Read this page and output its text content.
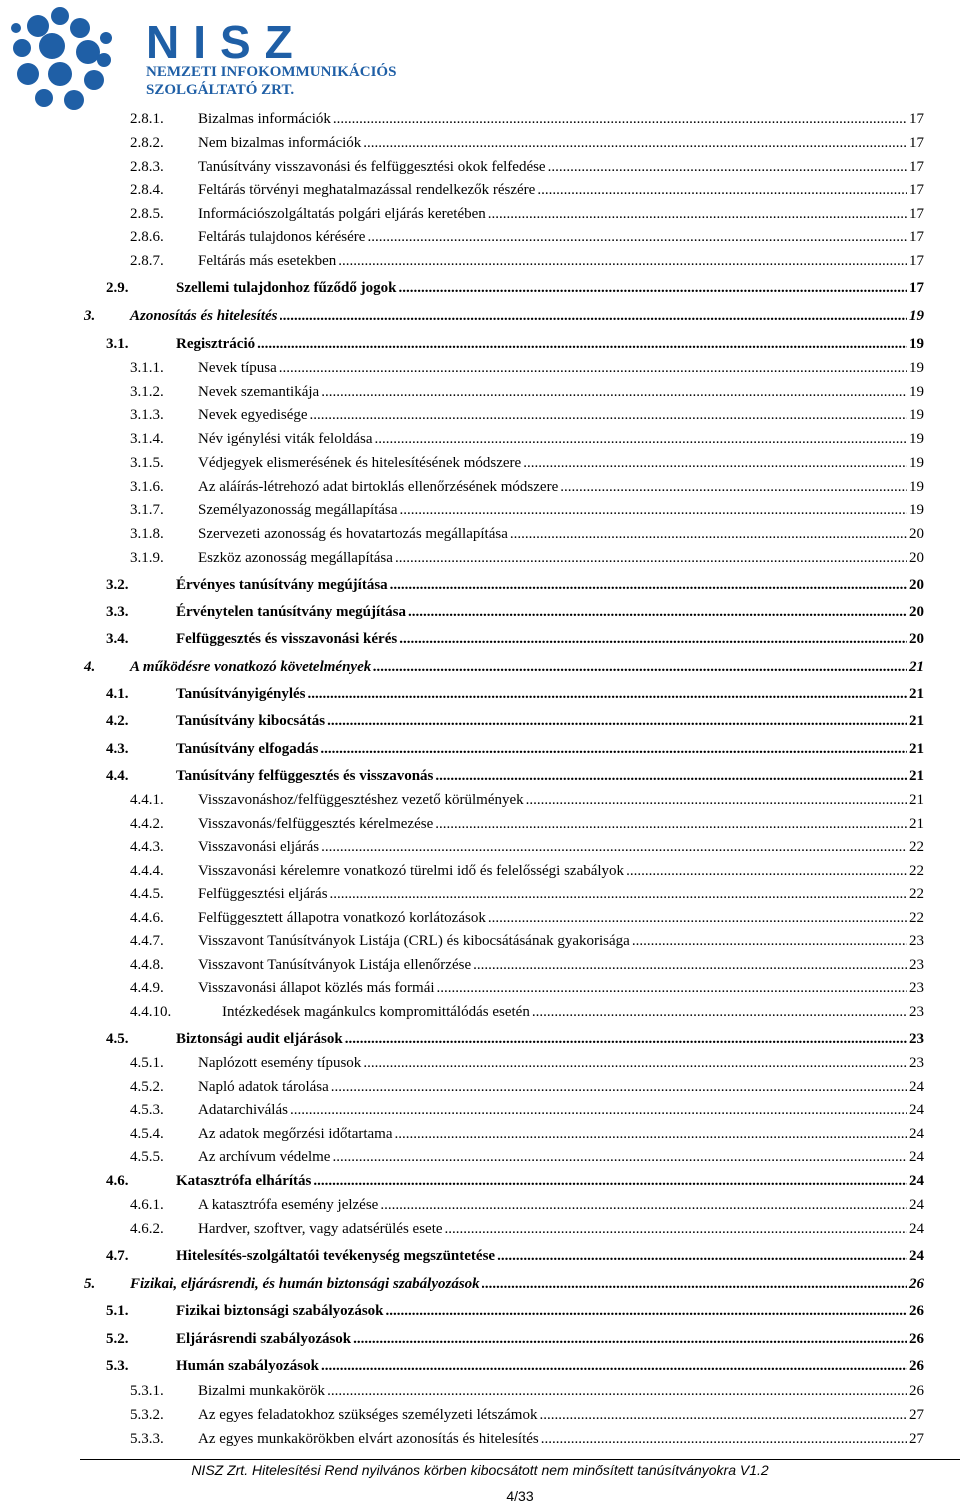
NISZ
NEMZETI INFOKOMMUNIKÁCIÓS
SZOLGÁLTATÓ ZRT.
2.8.1. Bizalmas információk .....	17
2.8.2. Nem bizalmas információk .....	17
2.8.3. Tanúsítvány visszavonási és felfüggesztési okok felfedése .....	17
2.8.4. Feltárás törvényi meghatalmazással rendelkezők részére .....	17
2.8.5. Információszolgáltatás polgári eljárás keretében .....	17
2.8.6. Feltárás tulajdonos kérésére .....	17
2.8.7. Feltárás más esetekben .....	17
2.9.	Szellemi tulajdonhoz fűződő jogok .....	17
3. Azonosítás és hitelesítés .....	19
3.1.	Regisztráció .....	19
3.1.1. Nevek típusa .....	19
3.1.2. Nevek szemantikája .....	19
3.1.3. Nevek egyedisége .....	19
3.1.4. Név igénylési viták feloldása .....	19
3.1.5. Védjegyek elismerésének és hitelesítésének módszere .....	19
3.1.6. Az aláírás-létrehozó adat birtoklás ellenőrzésének módszere .....	19
3.1.7. Személyazonosság megállapítása .....	19
3.1.8. Szervezeti azonosság és hovatartozás megállapítása .....	20
3.1.9. Eszköz azonosság megállapítása .....	20
3.2.	Érvényes tanúsítvány megújítása .....	20
3.3.	Érvénytelen tanúsítvány megújítása .....	20
3.4.	Felfüggesztés és visszavonási kérés .....	20
4. A működésre vonatkozó követelmények .....	21
4.1.	Tanúsítványigénylés .....	21
4.2.	Tanúsítvány kibocsátás .....	21
4.3.	Tanúsítvány elfogadás .....	21
4.4.	Tanúsítvány felfüggesztés és visszavonás .....	21
4.4.1. Visszavonáshoz/felfüggesztéshez vezető körülmények .....	21
4.4.2. Visszavonás/felfüggesztés kérelmezése .....	21
4.4.3. Visszavonási eljárás .....	22
4.4.4. Visszavonási kérelemre vonatkozó türelmi idő és felelősségi szabályok .....	22
4.4.5. Felfüggesztési eljárás .....	22
4.4.6. Felfüggesztett állapotra vonatkozó korlátozások .....	22
4.4.7. Visszavont Tanúsítványok Listája (CRL) és kibocsátásának gyakorisága .....	23
4.4.8. Visszavont Tanúsítványok Listája ellenőrzése .....	23
4.4.9. Visszavonási állapot közlés más formái .....	23
4.4.10.	Intézkedések magánkulcs kompromittálódás esetén .....	23
4.5.	Biztonsági audit eljárások .....	23
4.5.1. Naplózott esemény típusok .....	23
4.5.2. Napló adatok tárolása .....	24
4.5.3. Adatarchiválás .....	24
4.5.4. Az adatok megőrzési időtartama .....	24
4.5.5. Az archívum védelme .....	24
4.6.	Katasztrófa elhárítás .....	24
4.6.1. A katasztrófa esemény jelzése .....	24
4.6.2. Hardver, szoftver, vagy adatsérülés esete .....	24
4.7.	Hitelesítés-szolgáltatói tevékenység megszüntetése .....	24
5. Fizikai, eljárásrendi, és humán biztonsági szabályozások .....	26
5.1.	Fizikai biztonsági szabályozások .....	26
5.2.	Eljárásrendi szabályozások .....	26
5.3.	Humán szabályozások .....	26
5.3.1. Bizalmi munkakörök .....	26
5.3.2. Az egyes feladatokhoz szükséges személyzeti létszámok .....	27
5.3.3. Az egyes munkakörökben elvárt azonosítás és hitelesítés .....	27
NISZ Zrt. Hitelesítési Rend nyilvános körben kibocsátott nem minősített tanúsítványokra V1.2
4/33
